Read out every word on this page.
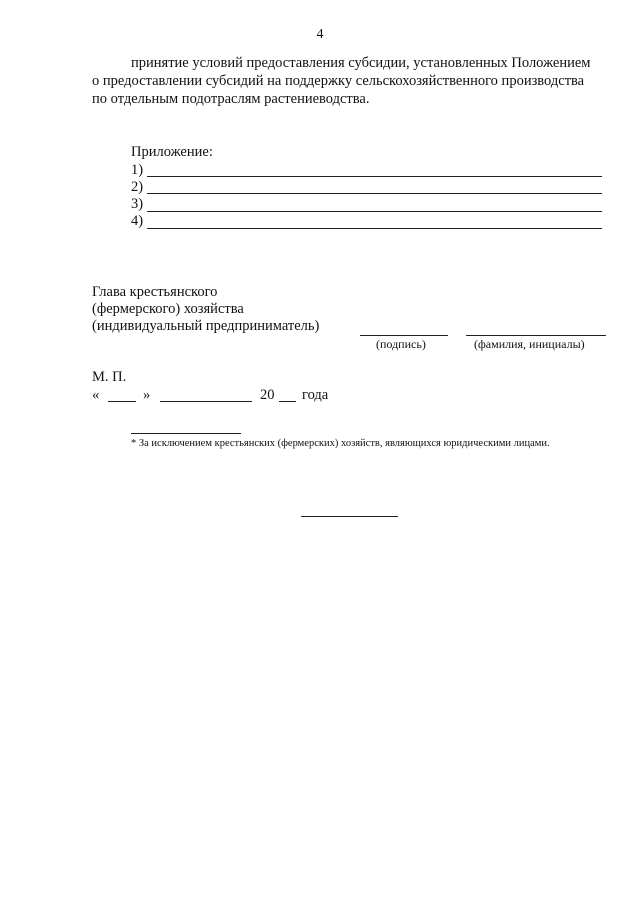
4
принятие условий предоставления субсидии, установленных Положением
о предоставлении субсидий на поддержку сельскохозяйственного производства
по отдельным подотраслям растениеводства.
Приложение:
1)
2)
3)
4)
Глава крестьянского
(фермерского) хозяйства
(индивидуальный предприниматель)
(подпись)	(фамилия, инициалы)
М. П.
«	»	20 года
* За исключением крестьянских (фермерских) хозяйств, являющихся юридическими лицами.
